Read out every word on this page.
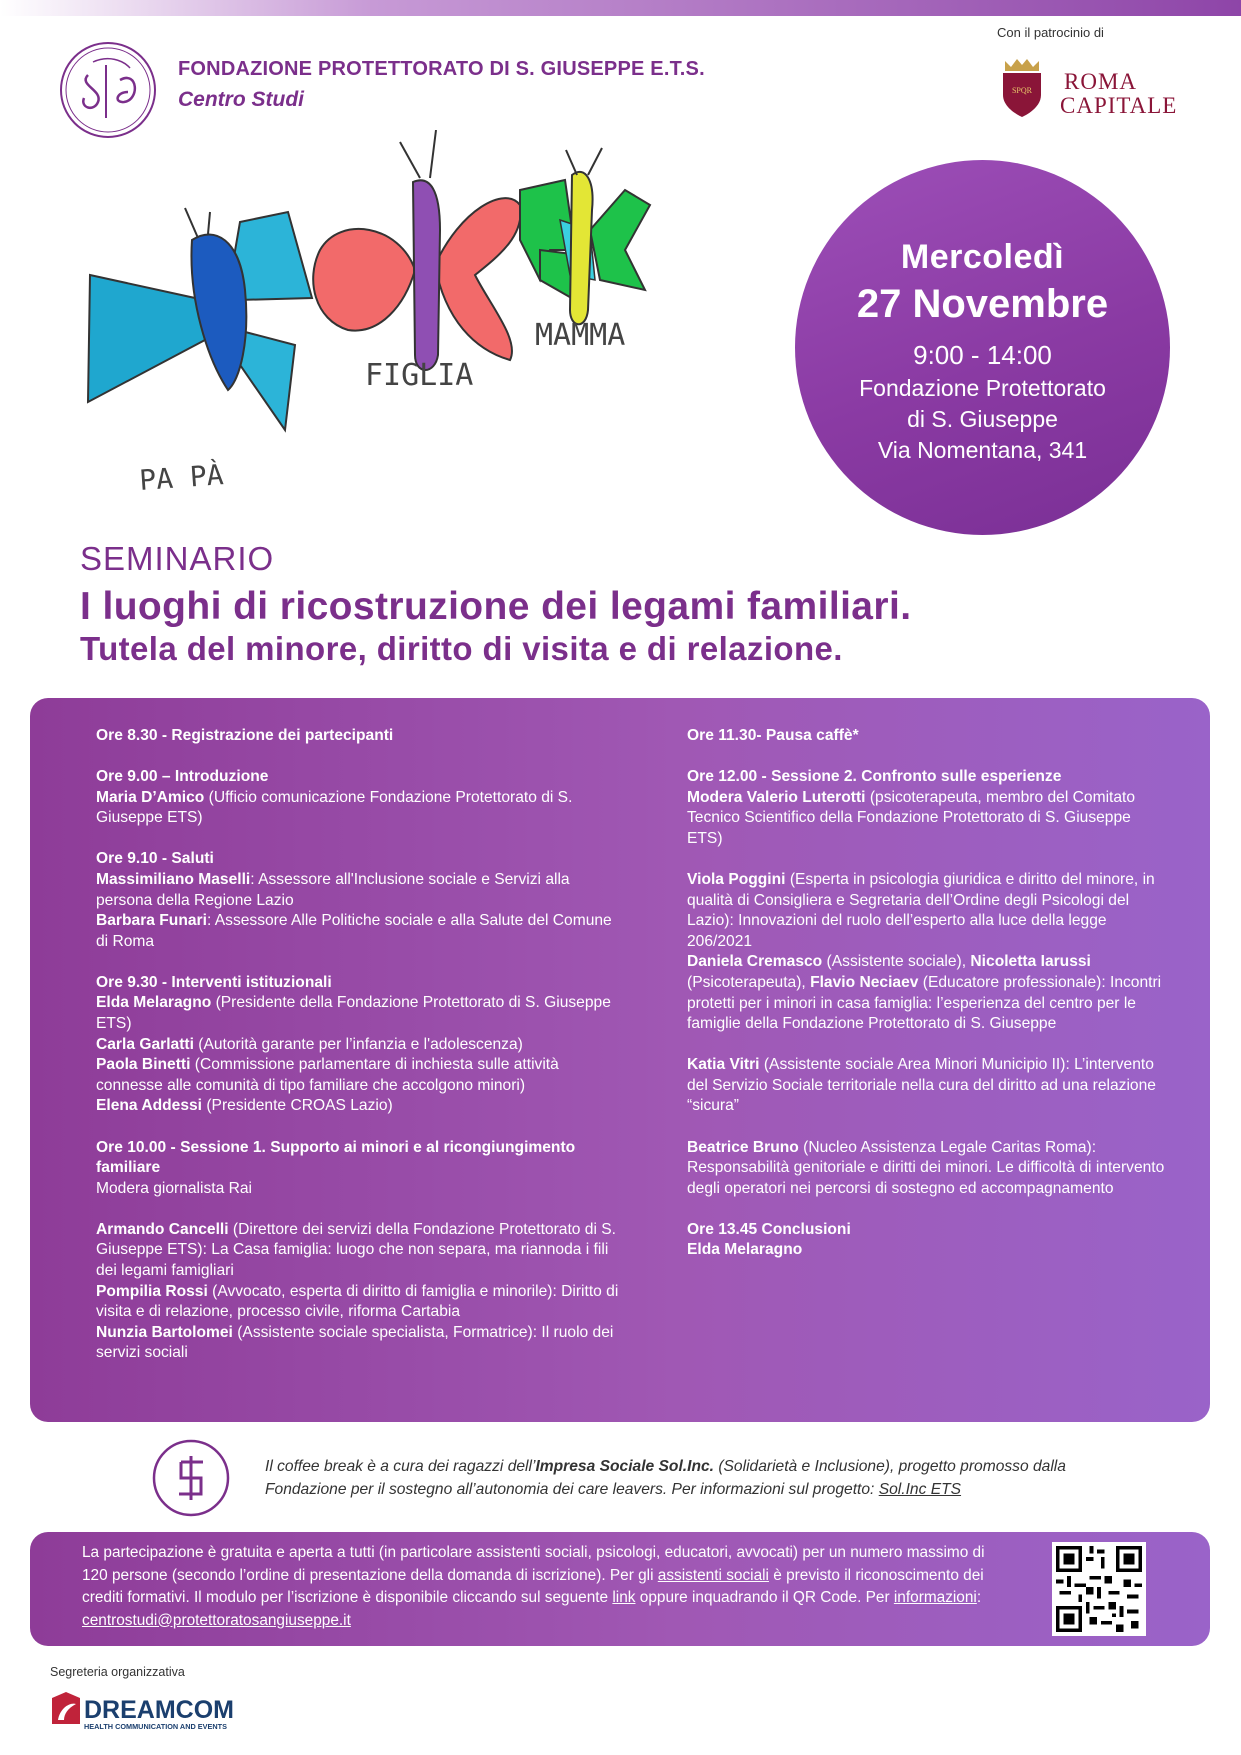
FONDAZIONE PROTETTORATO DI S. GIUSEPPE E.T.S.
Centro Studi
Con il patrocinio di
SPQR ROMA
CAPITALE
PA PÀ
FIGLIA
MAMMA
Mercoledì
27 Novembre
9:00 - 14:00
Fondazione Protettorato
di S. Giuseppe
Via Nomentana, 341
SEMINARIO
I luoghi di ricostruzione dei legami familiari.
Tutela del minore, diritto di visita e di relazione.

Ore 8.30 - Registrazione dei partecipanti

Ore 9.00 – Introduzione

Maria D’Amico (Ufficio comunicazione Fondazione Protettorato di S. Giuseppe ETS)

Ore 9.10 - Saluti

Massimiliano Maselli: Assessore all'Inclusione sociale e Servizi alla persona della Regione Lazio

Barbara Funari: Assessore Alle Politiche sociale e alla Salute del Comune di Roma

Ore 9.30 - Interventi istituzionali

Elda Melaragno (Presidente della Fondazione Protettorato di S. Giuseppe ETS)

Carla Garlatti (Autorità garante per l’infanzia e l'adolescenza)

Paola Binetti (Commissione parlamentare di inchiesta sulle attività connesse alle comunità di tipo familiare che accolgono minori)

Elena Addessi (Presidente CROAS Lazio)

Ore 10.00 - Sessione 1. Supporto ai minori e al ricongiungimento familiare

Modera giornalista Rai

Armando Cancelli (Direttore dei servizi della Fondazione Protettorato di S. Giuseppe ETS): La Casa famiglia: luogo che non separa, ma riannoda i fili dei legami famigliari

Pompilia Rossi (Avvocato, esperta di diritto di famiglia e minorile): Diritto di visita e di relazione, processo civile, riforma Cartabia

Nunzia Bartolomei (Assistente sociale specialista, Formatrice): Il ruolo dei servizi sociali

Ore 11.30- Pausa caffè*

Ore 12.00 - Sessione 2. Confronto sulle esperienze

Modera Valerio Luterotti (psicoterapeuta, membro del Comitato Tecnico Scientifico della Fondazione Protettorato di S. Giuseppe ETS)

Viola Poggini (Esperta in psicologia giuridica e diritto del minore, in qualità di Consigliera e Segretaria dell’Ordine degli Psicologi del Lazio): Innovazioni del ruolo dell’esperto alla luce della legge 206/2021

Daniela Cremasco (Assistente sociale), Nicoletta Iarussi (Psicoterapeuta), Flavio Neciaev (Educatore professionale): Incontri protetti per i minori in casa famiglia: l’esperienza del centro per le famiglie della Fondazione Protettorato di S. Giuseppe

Katia Vitri (Assistente sociale Area Minori Municipio II): L’intervento del Servizio Sociale territoriale nella cura del diritto ad una relazione “sicura”

Beatrice Bruno (Nucleo Assistenza Legale Caritas Roma): Responsabilità genitoriale e diritti dei minori. Le difficoltà di intervento degli operatori nei percorsi di sostegno ed accompagnamento

Ore 13.45 Conclusioni

Elda Melaragno

Il coffee break è a cura dei ragazzi dell’Impresa Sociale Sol.Inc. (Solidarietà e Inclusione), progetto promosso dalla Fondazione per il sostegno all’autonomia dei care leavers. Per informazioni sul progetto: Sol.Inc ETS
La partecipazione è gratuita e aperta a tutti (in particolare assistenti sociali, psicologi, educatori, avvocati) per un numero massimo di 120 persone (secondo l’ordine di presentazione della domanda di iscrizione). Per gli assistenti sociali è previsto il riconoscimento dei crediti formativi. Il modulo per l’iscrizione è disponibile cliccando sul seguente link oppure inquadrando il QR Code. Per informazioni: centrostudi@protettoratosangiuseppe.it
Segreteria organizzativa
DREAMCOM
HEALTH COMMUNICATION AND EVENTS
